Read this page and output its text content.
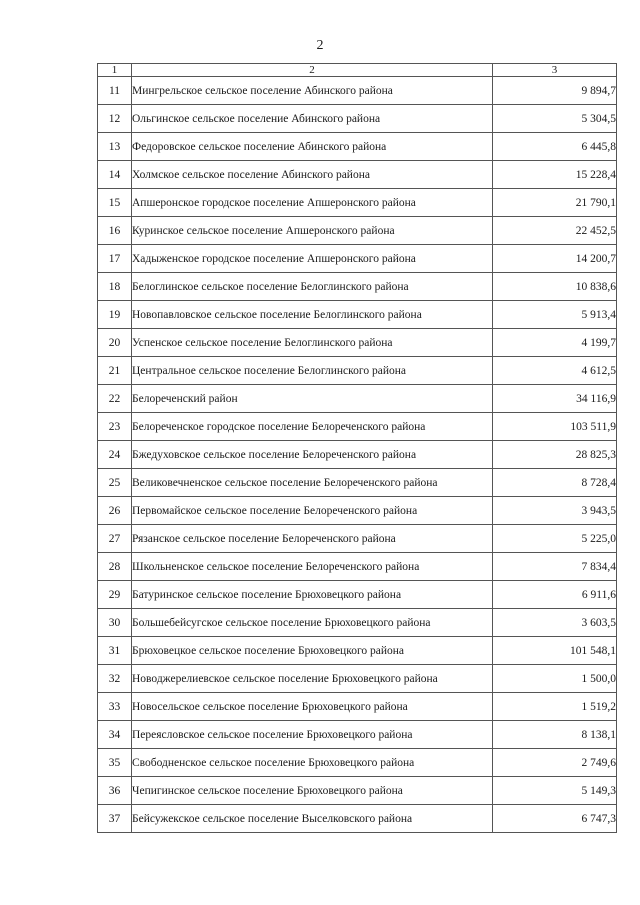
2
1	2	3
11	Мингрельское сельское поселение Абинского района	9 894,7
12	Ольгинское сельское поселение Абинского района	5 304,5
13	Федоровское сельское поселение Абинского района	6 445,8
14	Холмское сельское поселение Абинского района	15 228,4
15	Апшеронское городское поселение Апшеронского района	21 790,1
16	Куринское сельское поселение Апшеронского района	22 452,5
17	Хадыженское городское поселение Апшеронского района	14 200,7
18	Белоглинское сельское поселение Белоглинского района	10 838,6
19	Новопавловское сельское поселение Белоглинского района	5 913,4
20	Успенское сельское поселение Белоглинского района	4 199,7
21	Центральное сельское поселение Белоглинского района	4 612,5
22	Белореченский район	34 116,9
23	Белореченское городское поселение Белореченского района	103 511,9
24	Бжедуховское сельское поселение Белореченского района	28 825,3
25	Великовечненское сельское поселение Белореченского района	8 728,4
26	Первомайское сельское поселение Белореченского района	3 943,5
27	Рязанское сельское поселение Белореченского района	5 225,0
28	Школьненское сельское поселение Белореченского района	7 834,4
29	Батуринское сельское поселение Брюховецкого района	6 911,6
30	Большебейсугское сельское поселение Брюховецкого района	3 603,5
31	Брюховецкое сельское поселение Брюховецкого района	101 548,1
32	Новоджерелиевское сельское поселение Брюховецкого района	1 500,0
33	Новосельское сельское поселение Брюховецкого района	1 519,2
34	Переясловское сельское поселение Брюховецкого района	8 138,1
35	Свободненское сельское поселение Брюховецкого района	2 749,6
36	Чепигинское сельское поселение Брюховецкого района	5 149,3
37	Бейсужекское сельское поселение Выселковского района	6 747,3
